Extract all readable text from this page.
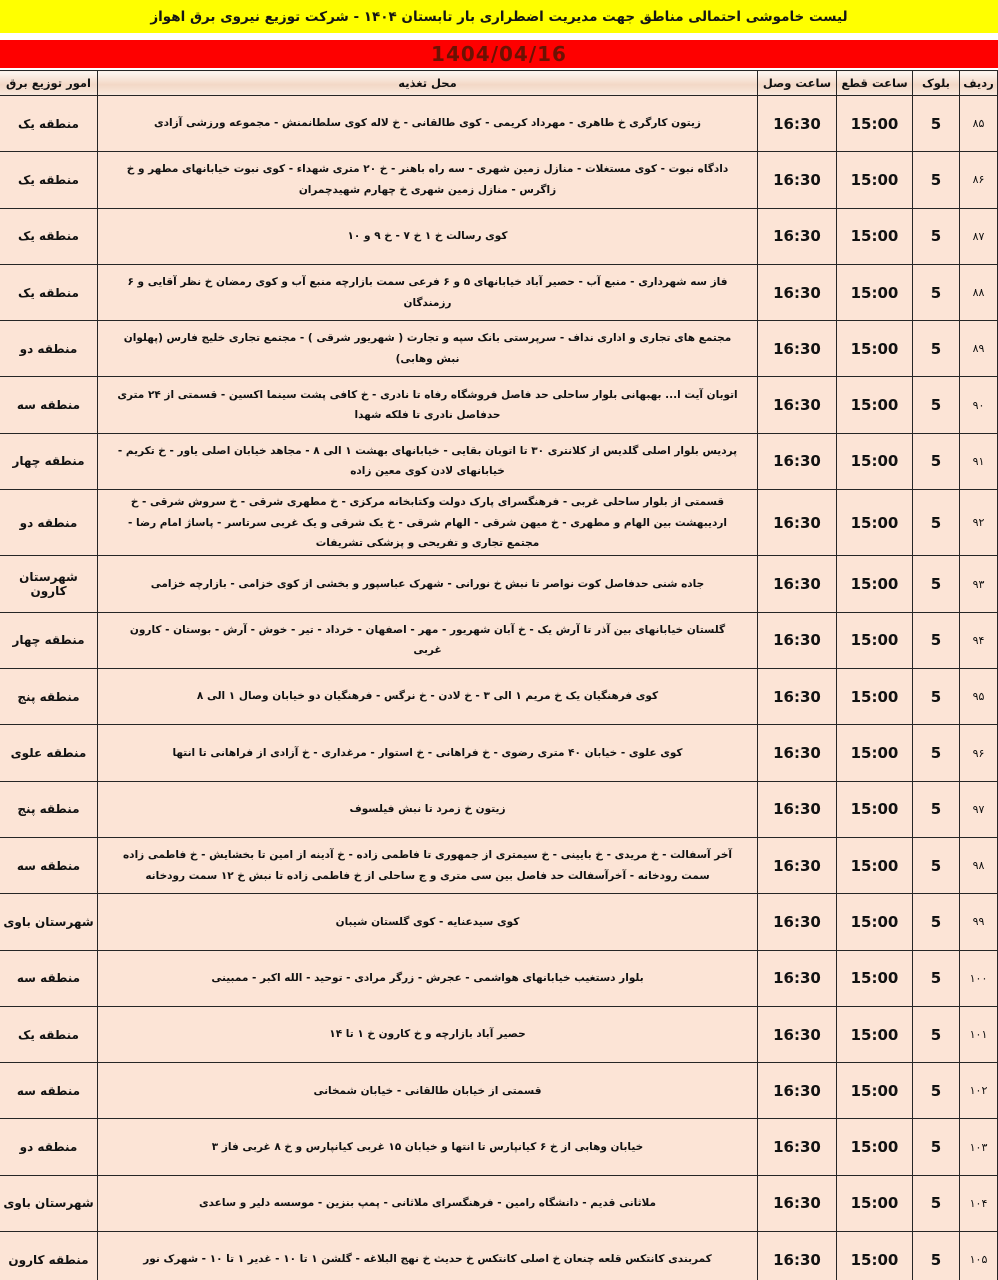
لیست خاموشی احتمالی مناطق جهت مدیریت اضطراری بار تابستان ۱۴۰۴ - شرکت توزیع نیروی برق اهواز
1404/04/16
ردیف	بلوک	ساعت قطع	ساعت وصل	محل تغذیه	امور توزیع برق
۸۵	5	15:00	16:30	زیتون کارگری خ طاهری - مهرداد کریمی - کوی طالقانی - خ لاله کوی سلطانمنش - مجموعه ورزشی آزادی	منطقه یک
۸۶	5	15:00	16:30	دادگاه نبوت - کوی مستغلات - منازل زمین شهری - سه راه باهنر - خ ۲۰ متری شهداء - کوی نبوت خیابانهای مطهر و خ زاگرس - منازل زمین شهری خ چهارم شهیدچمران	منطقه یک
۸۷	5	15:00	16:30	کوی رسالت خ ۱ خ ۷ - خ ۹ و ۱۰	منطقه یک
۸۸	5	15:00	16:30	فاز سه شهرداری - منبع آب - حصیر آباد خیابانهای ۵ و ۶ فرعی سمت بازارچه منبع آب و کوی رمضان خ نظر آقایی و ۶ رزمندگان	منطقه یک
۸۹	5	15:00	16:30	مجتمع های تجاری و اداری نداف - سرپرستی بانک سپه و تجارت ( شهریور شرقی ) - مجتمع تجاری خلیج فارس (پهلوان نبش وهابی)	منطقه دو
۹۰	5	15:00	16:30	اتوبان آیت ا... بهبهانی بلوار ساحلی حد فاصل فروشگاه رفاه تا نادری - خ کافی پشت سینما اکسین - قسمتی از ۲۴ متری حدفاصل نادری تا فلکه شهدا	منطقه سه
۹۱	5	15:00	16:30	پردیس بلوار اصلی گلدیس از کلانتری ۳۰ تا اتوبان بقایی - خیابانهای بهشت ۱ الی ۸ - مجاهد خیابان اصلی یاور - خ تکریم - خیابانهای لادن کوی معین زاده	منطقه چهار
۹۲	5	15:00	16:30	قسمتی از بلوار ساحلی غربی - فرهنگسرای پارک دولت وکتابخانه مرکزی - خ مطهری شرقی - خ سروش شرقی - خ اردیبهشت بین الهام و مطهری - خ میهن شرقی - الهام شرقی - خ یک شرقی و یک غربی سرتاسر - پاساژ امام رضا - مجتمع تجاری و تفریحی و پزشکی تشریفات	منطقه دو
۹۳	5	15:00	16:30	جاده شنی حدفاصل کوت نواصر تا نبش خ نورانی - شهرک عباسپور و بخشی از کوی خزامی - بازارچه خزامی	شهرستان کارون
۹۴	5	15:00	16:30	گلستان خیابانهای بین آذر تا آرش یک - خ آبان شهریور - مهر - اصفهان - خرداد - تیر - خوش - آرش - بوستان - کارون غربی	منطقه چهار
۹۵	5	15:00	16:30	کوی فرهنگیان یک خ مریم ۱ الی ۳ - خ لادن - خ نرگس - فرهنگیان دو خیابان وصال ۱ الی ۸	منطقه پنج
۹۶	5	15:00	16:30	کوی علوی - خیابان ۴۰ متری رضوی - خ فراهانی - خ استوار - مرغداری - خ آزادی از فراهانی تا انتها	منطقه علوی
۹۷	5	15:00	16:30	زیتون خ زمرد تا نبش فیلسوف	منطقه پنج
۹۸	5	15:00	16:30	آخر آسفالت - خ مریدی - خ بایینی - خ سیمتری از جمهوری تا فاطمی زاده - خ آدینه از امین تا بخشایش - خ فاطمی زاده سمت رودخانه - آخرآسفالت حد فاصل بین سی متری و ج ساحلی از خ فاطمی زاده تا نبش خ ۱۲ سمت رودخانه	منطقه سه
۹۹	5	15:00	16:30	کوی سیدعنایه - کوی گلستان شیبان	شهرستان باوی
۱۰۰	5	15:00	16:30	بلوار دستغیب خیابانهای هواشمی - عجرش - زرگر مرادی - توحید - الله اکبر - ممبینی	منطقه سه
۱۰۱	5	15:00	16:30	حصیر آباد بازارچه و خ کارون خ ۱ تا ۱۴	منطقه یک
۱۰۲	5	15:00	16:30	قسمتی از خیابان طالقانی - خیابان شمخانی	منطقه سه
۱۰۳	5	15:00	16:30	خیابان وهابی از خ ۶ کیانپارس تا انتها و خیابان ۱۵ غربی کیانپارس و خ ۸ غربی فاز ۳	منطقه دو
۱۰۴	5	15:00	16:30	ملاثانی قدیم - دانشگاه رامین - فرهنگسرای ملاثانی - پمپ بنزین - موسسه دلیر و ساعدی	شهرستان باوی
۱۰۵	5	15:00	16:30	کمربندی کانتکس قلعه چنعان خ اصلی کانتکس خ حدیث خ نهج البلاغه - گلشن ۱ تا ۱۰ - غدیر ۱ تا ۱۰ - شهرک نور	منطقه کارون
